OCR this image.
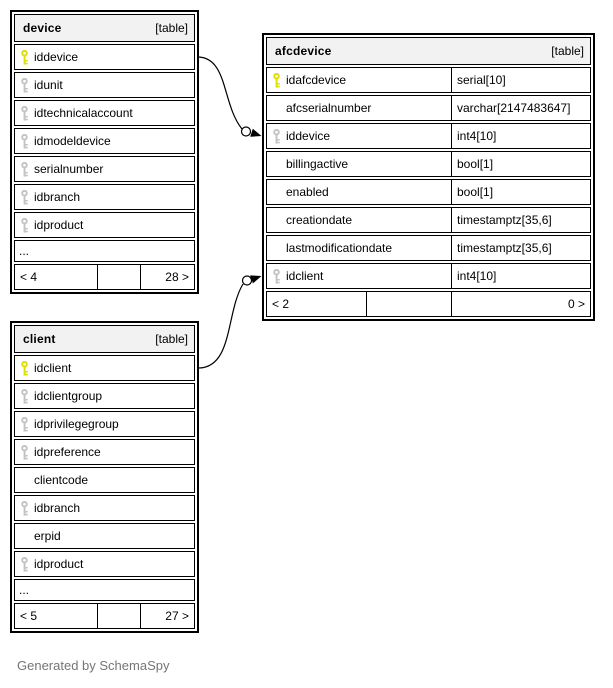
device	[table]
iddevice
idunit
idtechnicalaccount
idmodeldevice
serialnumber
idbranch
idproduct
...
< 4	28 >
afcdevice	[table]
idafcdevice	serial[10]
afcserialnumber	varchar[2147483647]
iddevice	int4[10]
billingactive	bool[1]
enabled	bool[1]
creationdate	timestamptz[35,6]
lastmodificationdate	timestamptz[35,6]
idclient	int4[10]
< 2	0 >
client	[table]
idclient
idclientgroup
idprivilegegroup
idpreference
clientcode
idbranch
erpid
idproduct
...
< 5	27 >
Generated by SchemaSpy
